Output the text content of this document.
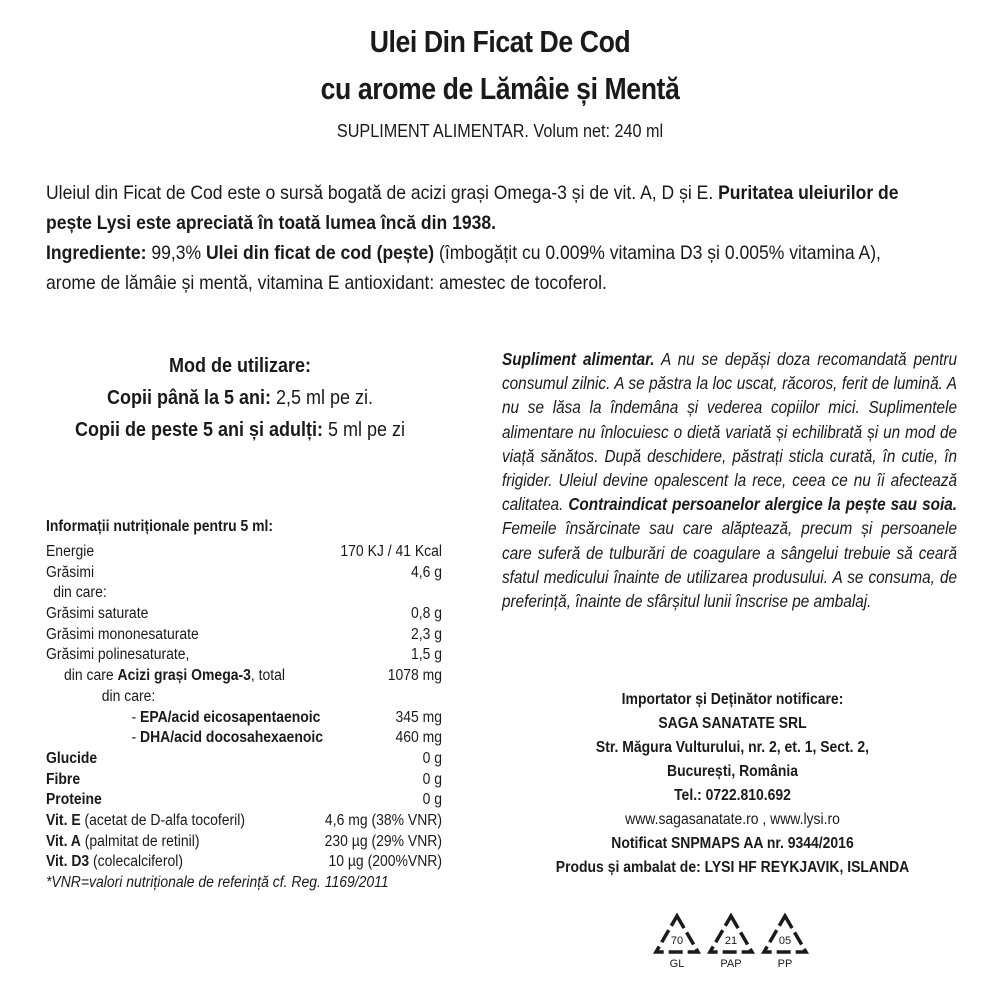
Ulei Din Ficat De Cod
cu arome de Lămâie și Mentă
SUPLIMENT ALIMENTAR. Volum net: 240 ml
Uleiul din Ficat de Cod este o sursă bogată de acizi grași Omega-3 și de vit. A, D și E. Puritatea uleiurilor de pește Lysi este apreciată în toată lumea încă din 1938.
Ingrediente: 99,3% Ulei din ficat de cod (pește) (îmbogățit cu 0.009% vitamina D3 și 0.005% vitamina A), arome de lămâie și mentă, vitamina E antioxidant: amestec de tocoferol.
Mod de utilizare:
Copii până la 5 ani: 2,5 ml pe zi.
Copii de peste 5 ani și adulți: 5 ml pe zi
Informații nutriționale pentru 5 ml:
Energie	170 KJ / 41 Kcal
Grăsimi	4,6 g
din care:
Grăsimi saturate	0,8 g
Grăsimi mononesaturate	2,3 g
Grăsimi polinesaturate,	1,5 g
din care Acizi grași Omega-3, total	1078 mg
din care:
- EPA/acid eicosapentaenoic	345 mg
- DHA/acid docosahexaenoic	460 mg
Glucide	0 g
Fibre	0 g
Proteine	0 g
Vit. E (acetat de D-alfa tocoferil)	4,6 mg (38% VNR)
Vit. A (palmitat de retinil)	230 µg (29% VNR)
Vit. D3 (colecalciferol)	10 µg (200%VNR)
*VNR=valori nutriționale de referință cf. Reg. 1169/2011
Supliment alimentar. A nu se depăși doza recomandată pentru consumul zilnic. A se păstra la loc uscat, răcoros, ferit de lumină. A nu se lăsa la îndemâna și vederea copiilor mici. Suplimentele alimentare nu înlocuiesc o dietă variată și echilibrată și un mod de viață sănătos. După deschidere, păstrați sticla curată, în cutie, în frigider. Uleiul devine opalescent la rece, ceea ce nu îi afectează calitatea. Contraindicat persoanelor alergice la pește sau soia. Femeile însărcinate sau care alăptează, precum și persoanele care suferă de tulburări de coagulare a sângelui trebuie să ceară sfatul medicului înainte de utilizarea produsului. A se consuma, de preferință, înainte de sfârșitul lunii înscrise pe ambalaj.
Importator și Deținător notificare:
SAGA SANATATE SRL
Str. Măgura Vulturului, nr. 2, et. 1, Sect. 2,
București, România
Tel.: 0722.810.692
www.sagasanatate.ro , www.lysi.ro
Notificat SNPMAPS AA nr. 9344/2016
Produs și ambalat de: LYSI HF REYKJAVIK, ISLANDA
70
GL
21
PAP
05
PP
